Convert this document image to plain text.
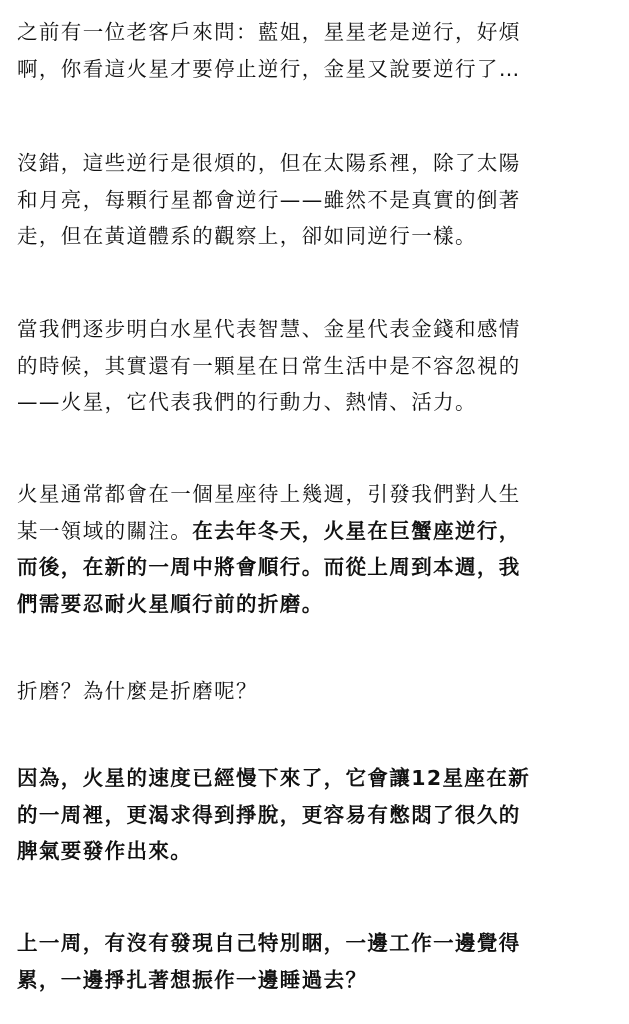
之前有一位老客戶來問：藍姐，星星老是逆行，好煩
啊，你看這火星才要停止逆行，金星又說要逆行了…

沒錯，這些逆行是很煩的，但在太陽系裡，除了太陽
和月亮，每顆行星都會逆行——雖然不是真實的倒著
走，但在黃道體系的觀察上，卻如同逆行一樣。

當我們逐步明白水星代表智慧、金星代表金錢和感情
的時候，其實還有一顆星在日常生活中是不容忽視的
——火星，它代表我們的行動力、熱情、活力。

火星通常都會在一個星座待上幾週，引發我們對人生
某一領域的關注。在去年冬天，火星在巨蟹座逆行，
而後，在新的一周中將會順行。而從上周到本週，我
們需要忍耐火星順行前的折磨。

折磨？為什麼是折磨呢？

因為，火星的速度已經慢下來了，它會讓12星座在新
的一周裡，更渴求得到掙脫，更容易有憋悶了很久的
脾氣要發作出來。

上一周，有沒有發現自己特別睏，一邊工作一邊覺得
累，一邊掙扎著想振作一邊睡過去？
